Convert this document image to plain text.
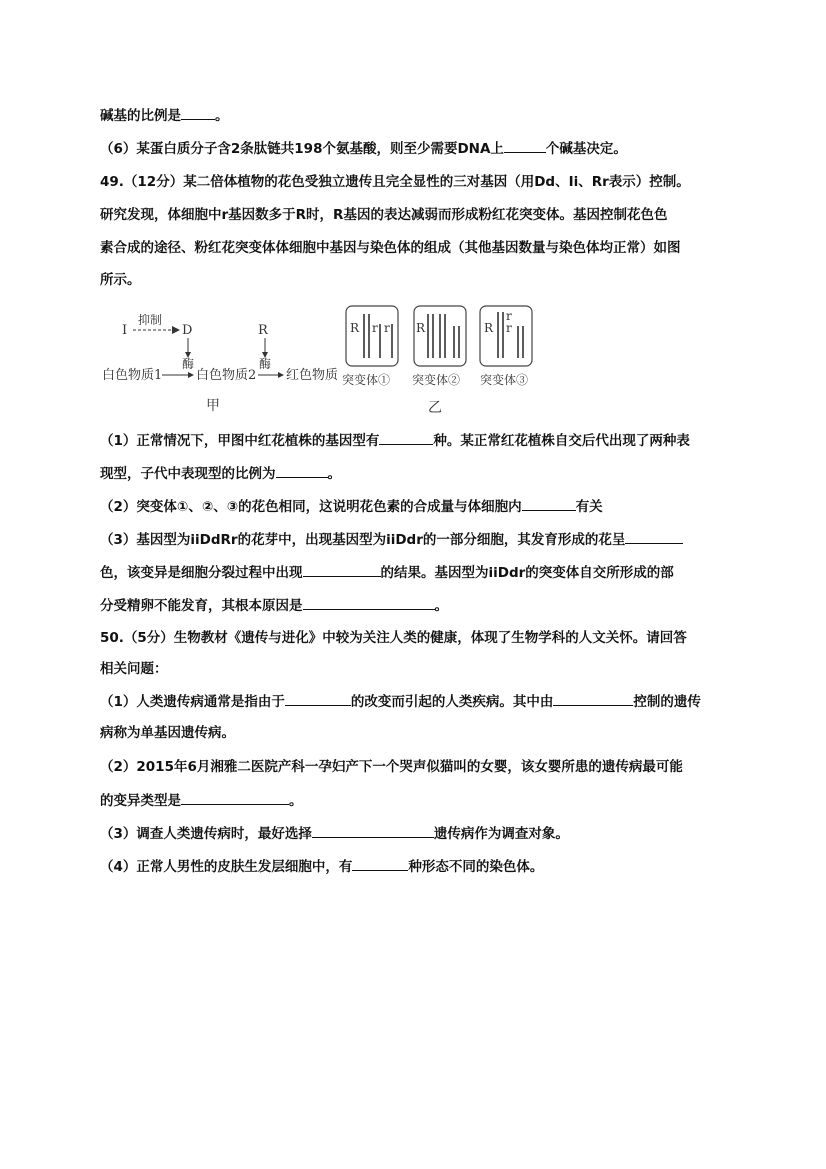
碱基的比例是	。
（6）某蛋白质分子含2条肽链共198个氨基酸，则至少需要DNA上	个碱基决定。
49.（12分）某二倍体植物的花色受独立遗传且完全显性的三对基因（用Dd、Ii、Rr表示）控制。
研究发现，体细胞中r基因数多于R时，R基因的表达减弱而形成粉红花突变体。基因控制花色色
素合成的途径、粉红花突变体体细胞中基因与染色体的组成（其他基因数量与染色体均正常）如图
所示。
I
抑制
D
酶
R
酶
白色物质1	白色物质2 红色物质
甲
R r r
突变体①
R
突变体②
R
r
r
突变体③
乙
（1）正常情况下，甲图中红花植株的基因型有	种。某正常红花植株自交后代出现了两种表
现型，子代中表现型的比例为	。
（2）突变体①、②、③的花色相同，这说明花色素的合成量与体细胞内	有关
（3）基因型为iiDdRr的花芽中，出现基因型为iiDdr的一部分细胞，其发育形成的花呈
色，该变异是细胞分裂过程中出现	的结果。基因型为iiDdr的突变体自交所形成的部
分受精卵不能发育，其根本原因是	。
50.（5分）生物教材《遗传与进化》中较为关注人类的健康，体现了生物学科的人文关怀。请回答
相关问题：
（1）人类遗传病通常是指由于	的改变而引起的人类疾病。其中由	控制的遗传
病称为单基因遗传病。
（2）2015年6月湘雅二医院产科一孕妇产下一个哭声似猫叫的女婴，该女婴所患的遗传病最可能
的变异类型是	。
（3）调查人类遗传病时，最好选择	遗传病作为调查对象。
（4）正常人男性的皮肤生发层细胞中，有	种形态不同的染色体。
